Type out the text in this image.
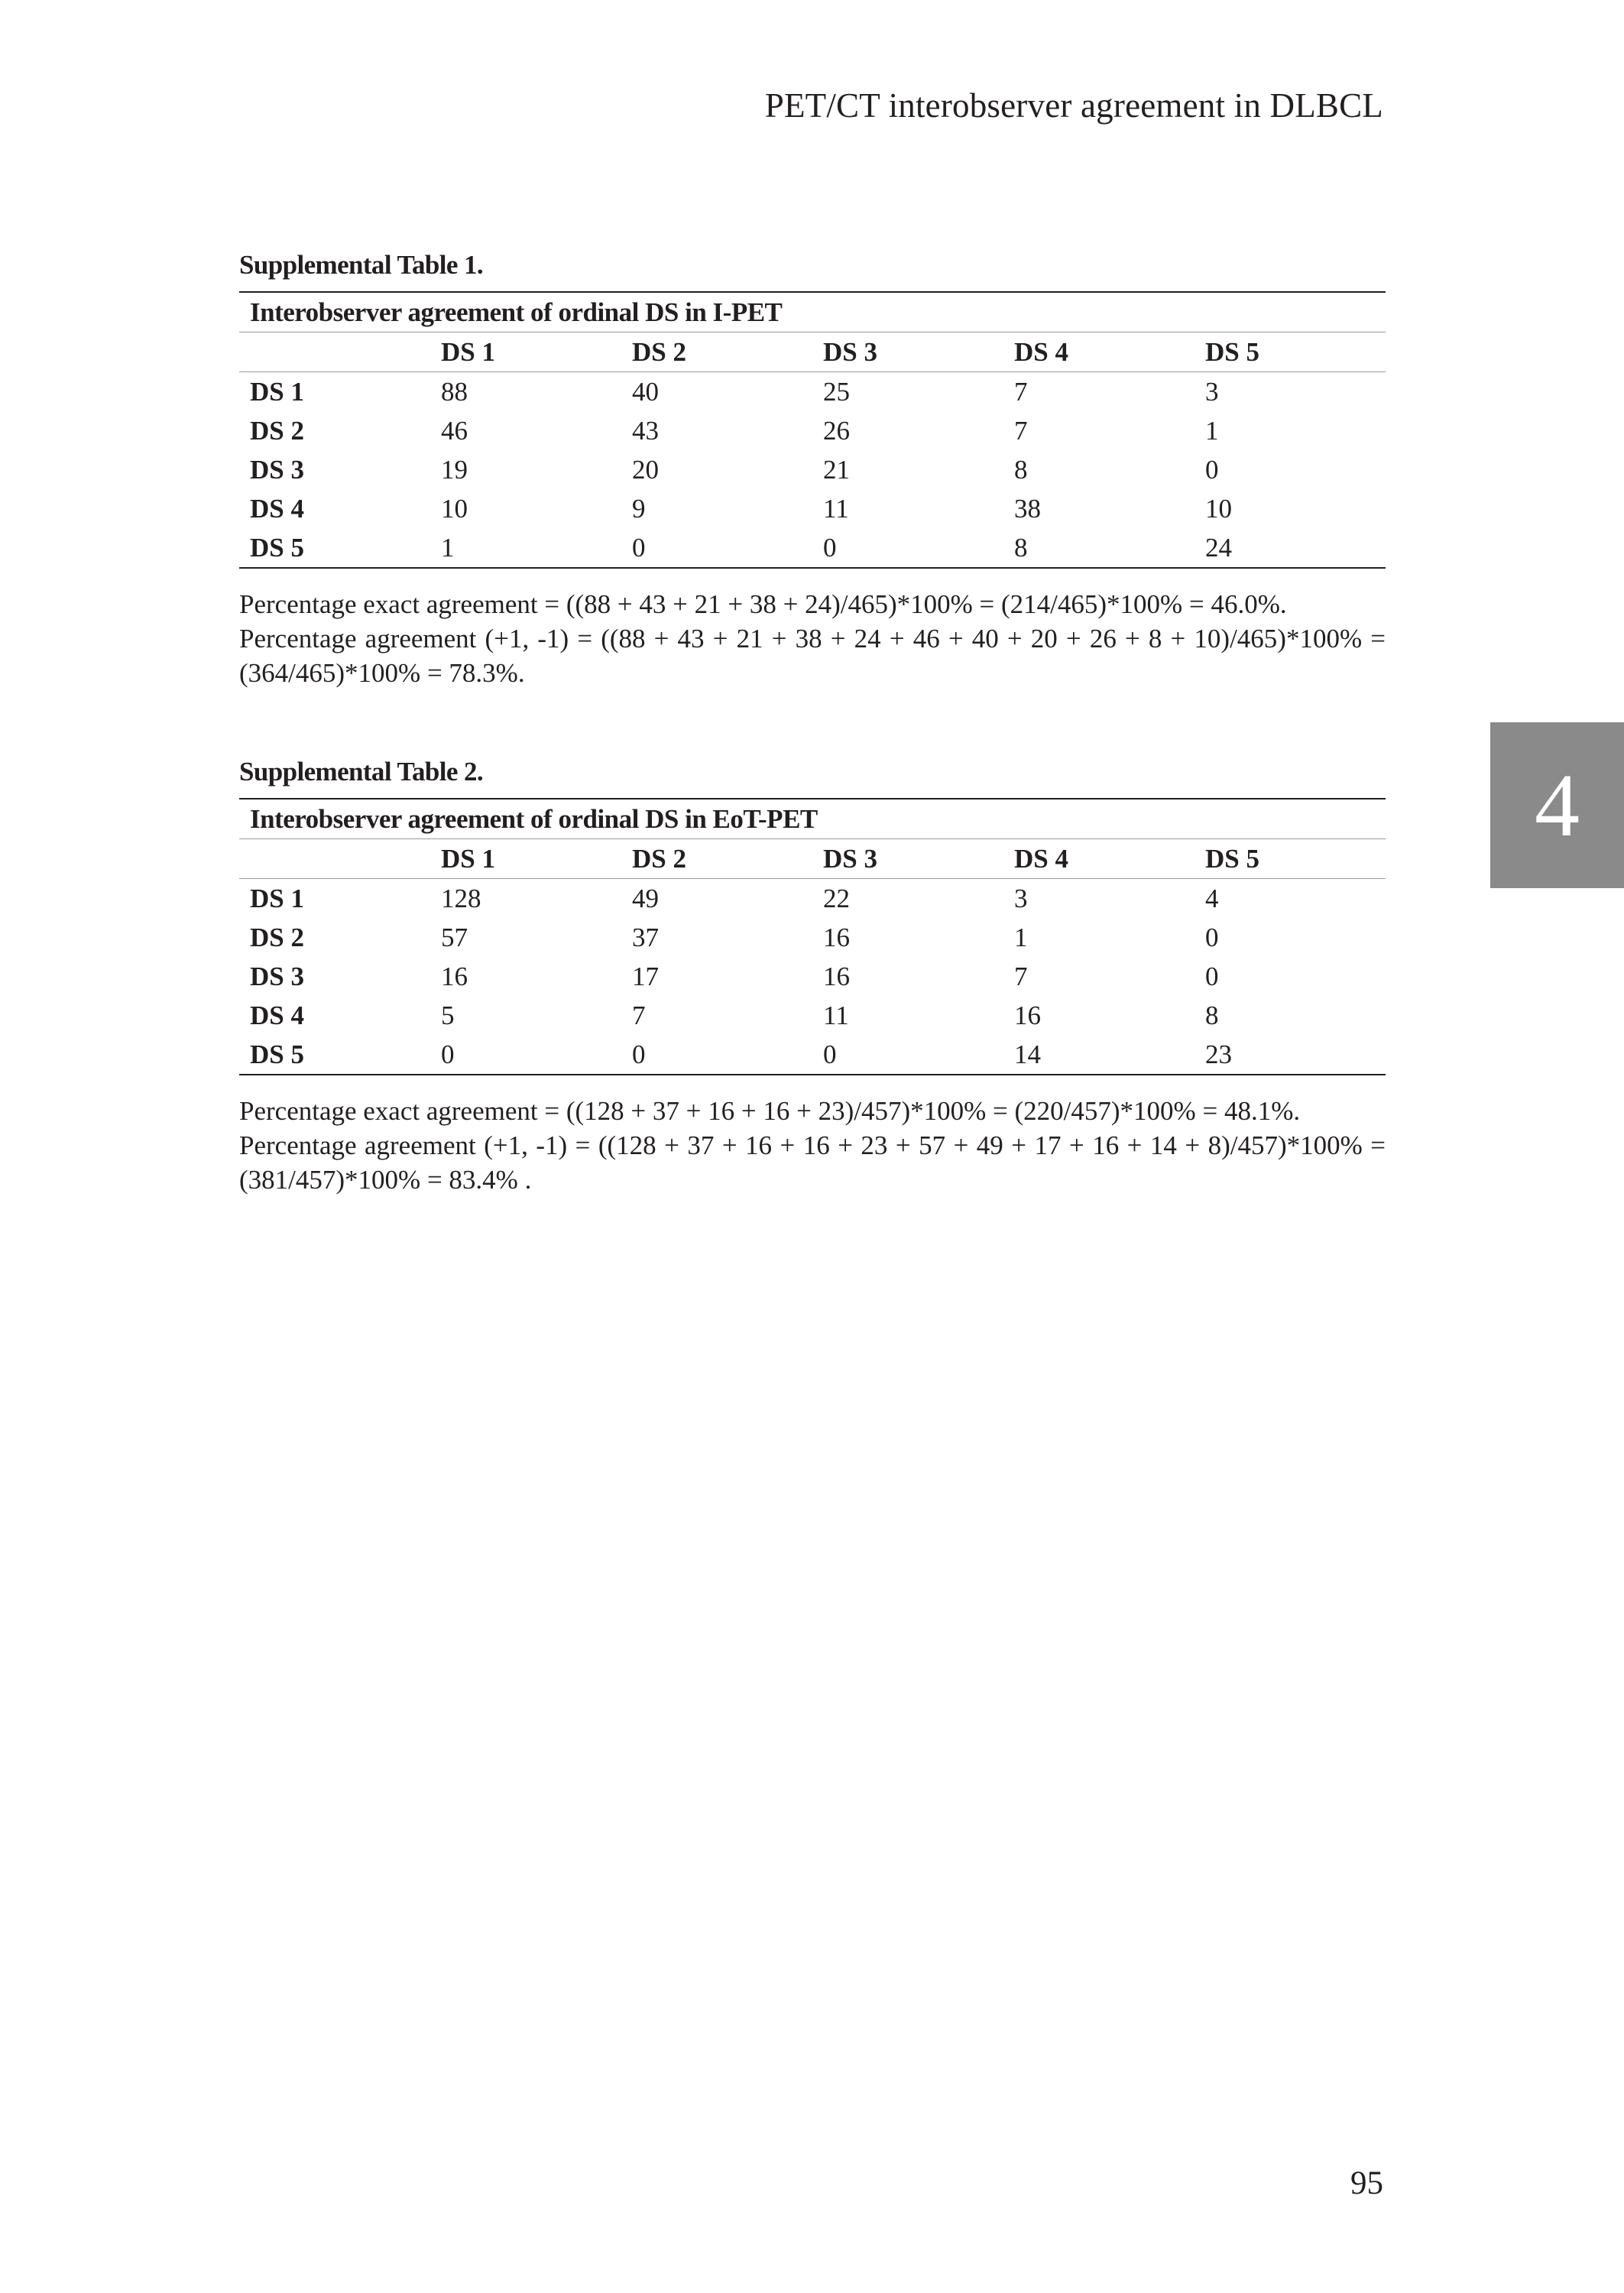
PET/CT interobserver agreement in DLBCL
4

Supplemental Table 1.

Interobserver agreement of ordinal DS in I-PET					
	DS 1	DS 2	DS 3	DS 4	DS 5
DS 1	88	40	25	7	3
DS 2	46	43	26	7	1
DS 3	19	20	21	8	0
DS 4	10	9	11	38	10
DS 5	1	0	0	8	24

Percentage exact agreement = ((88 + 43 + 21 + 38 + 24)/465)*100% = (214/465)*100% = 46.0%.

Percentage agreement (+1, -1) = ((88 + 43 + 21 + 38 + 24 + 46 + 40 + 20 + 26 + 8 + 10)/465)*100% = (364/465)*100% = 78.3%.

Supplemental Table 2.

Interobserver agreement of ordinal DS in EoT-PET					
	DS 1	DS 2	DS 3	DS 4	DS 5
DS 1	128	49	22	3	4
DS 2	57	37	16	1	0
DS 3	16	17	16	7	0
DS 4	5	7	11	16	8
DS 5	0	0	0	14	23

Percentage exact agreement = ((128 + 37 + 16 + 16 + 23)/457)*100% = (220/457)*100% = 48.1%.

Percentage agreement (+1, -1) = ((128 + 37 + 16 + 16 + 23 + 57 + 49 + 17 + 16 + 14 + 8)/457)*100% = (381/457)*100% = 83.4% .

95
